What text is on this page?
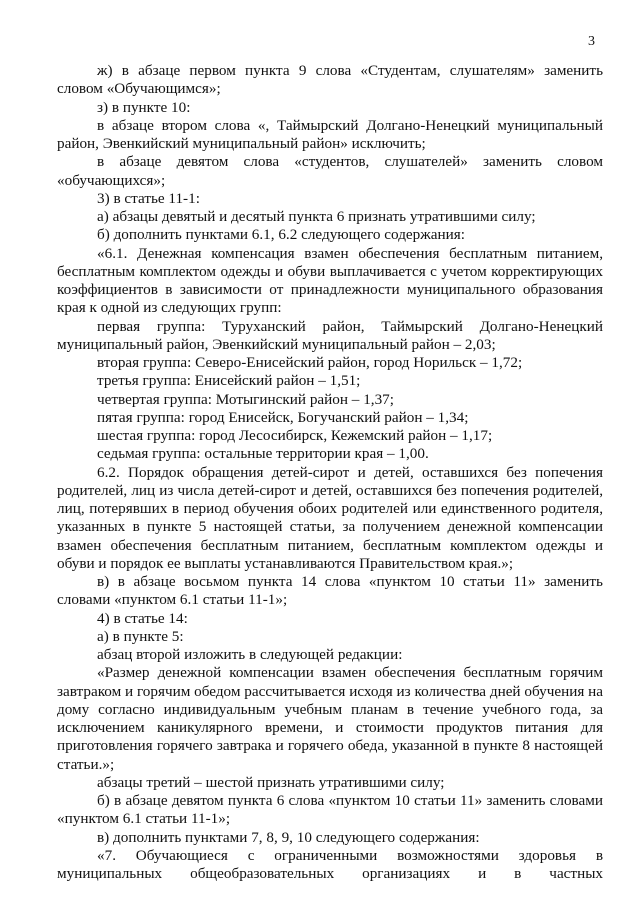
3

ж) в абзаце первом пункта 9 слова «Студентам, слушателям» заменить словом «Обучающимся»;

з) в пункте 10:

в абзаце втором слова «, Таймырский Долгано-Ненецкий муниципальный район, Эвенкийский муниципальный район» исключить;

в абзаце девятом слова «студентов, слушателей» заменить словом «обучающихся»;

3) в статье 11-1:

а) абзацы девятый и десятый пункта 6 признать утратившими силу;

б) дополнить пунктами 6.1, 6.2 следующего содержания:

«6.1. Денежная компенсация взамен обеспечения бесплатным питанием, бесплатным комплектом одежды и обуви выплачивается с учетом корректирующих коэффициентов в зависимости от принадлежности муниципального образования края к одной из следующих групп:

первая группа: Туруханский район, Таймырский Долгано-Ненецкий муниципальный район, Эвенкийский муниципальный район – 2,03;

вторая группа: Северо-Енисейский район, город Норильск – 1,72;

третья группа: Енисейский район – 1,51;

четвертая группа: Мотыгинский район – 1,37;

пятая группа: город Енисейск, Богучанский район – 1,34;

шестая группа: город Лесосибирск, Кежемский район – 1,17;

седьмая группа: остальные территории края – 1,00.

6.2. Порядок обращения детей-сирот и детей, оставшихся без попечения родителей, лиц из числа детей-сирот и детей, оставшихся без попечения родителей, лиц, потерявших в период обучения обоих родителей или единственного родителя, указанных в пункте 5 настоящей статьи, за получением денежной компенсации взамен обеспечения бесплатным питанием, бесплатным комплектом одежды и обуви и порядок ее выплаты устанавливаются Правительством края.»;

в) в абзаце восьмом пункта 14 слова «пунктом 10 статьи 11» заменить словами «пунктом 6.1 статьи 11-1»;

4) в статье 14:

а) в пункте 5:

абзац второй изложить в следующей редакции:

«Размер денежной компенсации взамен обеспечения бесплатным горячим завтраком и горячим обедом рассчитывается исходя из количества дней обучения на дому согласно индивидуальным учебным планам в течение учебного года, за исключением каникулярного времени, и стоимости продуктов питания для приготовления горячего завтрака и горячего обеда, указанной в пункте 8 настоящей статьи.»;

абзацы третий – шестой признать утратившими силу;

б) в абзаце девятом пункта 6 слова «пунктом 10 статьи 11» заменить словами «пунктом 6.1 статьи 11-1»;

в) дополнить пунктами 7, 8, 9, 10 следующего содержания:

«7. Обучающиеся с ограниченными возможностями здоровья в муниципальных общеобразовательных организациях и в частных
